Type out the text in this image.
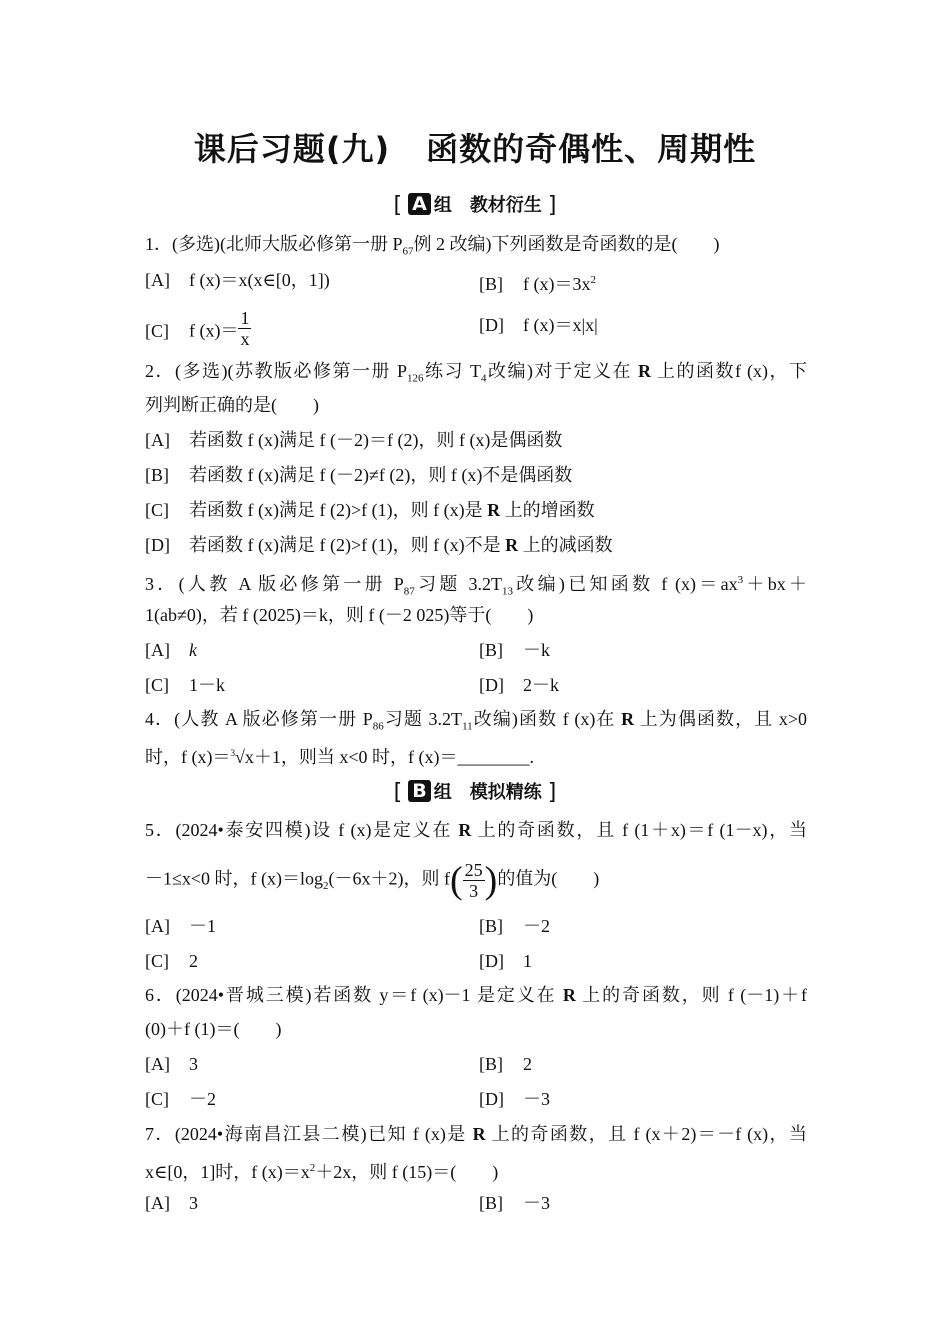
课后习题(九) 函数的奇偶性、周期性
[ A 组 教材衍生 ]
1．(多选)(北师大版必修第一册 $P_{67}$例 2 改编)下列函数是奇函数的是(　　)
[A] f (x)＝x(x∈[0，1])	[B] f $(x)=3x^2$
[C] f $(x)= \frac{1}{x}$	[D] f (x)＝x|x|
2．(多选)(苏教版必修第一册 $P_{126}$练习 $T_4$改编)对于定义在 R 上的函数f (x)，下
列判断正确的是(　　)
[A] 若函数 f (x)满足 f (－2)＝f (2)，则 f (x)是偶函数
[B] 若函数 f (x)满足 f (－2)≠f (2)，则 f (x)不是偶函数
[C] 若函数 f (x)满足 f (2)>f (1)，则 f (x)是 R 上的增函数
[D] 若函数 f (x)满足 f (2)>f (1)，则 f (x)不是 R 上的减函数
3．(人教 A 版必修第一册 $P_{87}$习题 $3.2T_{13}$改编)已知函数 f $(x)=ax^3+bx+$
1(ab≠0)，若 f (2025)＝k，则 f (－2 025)等于(　　)
[A] k	[B] －k
[C] 1－k	[D] 2－k
4．(人教 A 版必修第一册 $P_{86}$习题 $3.2T_{11}$改编)函数 f (x)在 R 上为偶函数，且 x>0
时，f (x)＝$^3$√x＋1，则当 x<0 时，f (x)＝________.
[ B 组 模拟精练 ]
5．(2024•泰安四模)设 f (x)是定义在 R 上的奇函数，且 f (1＋x)＝f (1－x)，当
－1≤x<0 时，f $(x)=\log_2(-6x+2)$，则 $f( \frac{25}{3}$ )的值为(　　)
[A] －1	[B] －2
[C] 2	[D] 1
6．(2024•晋城三模)若函数 y＝f (x)－1 是定义在 R 上的奇函数，则 f (－1)＋f
(0)＋f (1)＝(　　)
[A] 3	[B] 2
[C] －2	[D] －3
7．(2024•海南昌江县二模)已知 f (x)是 R 上的奇函数，且 f (x＋2)＝－f (x)，当
x∈[0，1]时，f $(x)=x^2+2x$，则 f (15)＝(　　)
[A] 3	[B] －3
